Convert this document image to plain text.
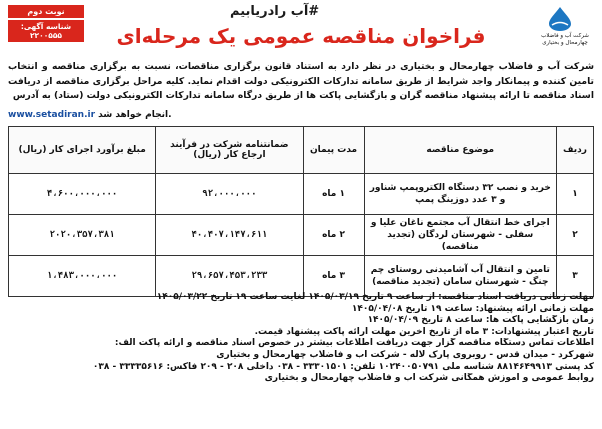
نوبت دوم
شناسه آگهی: ۲۲۰۰۵۵۵
#آب رادریابیم
شرکت آب و فاضلاب چهارمحال و بختیاری
فراخوان مناقصه عمومی یک مرحله‌ای
شرکت آب و فاضلاب چهارمحال و بختیاری در نظر دارد به استناد قانون برگزاری مناقصات، نسبت به برگزاری مناقصه و انتخاب تامین کننده و پیمانکار واجد شرایط از طریق سامانه تدارکات الکترونیکی دولت اقدام نماید. کلیه مراحل برگزاری مناقصه از دریافت اسناد مناقصه تا ارائه پیشنهاد مناقصه گران و بازگشایی پاکت ها از طریق درگاه سامانه تدارکات الکترونیکی دولت (ستاد) به آدرس
www.setadiran.ir انجام خواهد شد.
ردیف	موضوع مناقصه	مدت پیمان	ضمانتنامه شرکت در فرآیند ارجاع کار (ریال)	مبلغ برآورد اجرای کار (ریال)
۱	خرید و نصب ۳۲ دستگاه الکتروپمپ شناور و ۳ عدد دوزینگ پمپ	۱ ماه	۹۲،۰۰۰،۰۰۰	۴،۶۰۰،۰۰۰،۰۰۰
۲	اجرای خط انتقال آب مجتمع ناغان علیا و سفلی - شهرستان لردگان (تجدید مناقصه)	۲ ماه	۴۰،۴۰۷،۱۴۷،۶۱۱	۲۰۲۰،۳۵۷،۳۸۱
۳	تامین و انتقال آب آشامیدنی روستای چم چنگ - شهرستان سامان (تجدید مناقصه)	۳ ماه	۲۹،۶۵۷،۴۵۳،۲۳۳	۱،۴۸۳،۰۰۰،۰۰۰
مهلت زمانی دریافت اسناد مناقصه: از ساعت ۹ تاریخ ۱۴۰۵/۰۳/۱۹ لغایت ساعت ۱۹ تاریخ ۱۴۰۵/۰۳/۲۲
مهلت زمانی ارائه پیشنهاد: ساعت ۱۹ تاریخ ۱۴۰۵/۰۴/۰۸
زمان بازگشایی پاکت ها: ساعت ۸ تاریخ ۱۴۰۵/۰۴/۰۹
تاریخ اعتبار پیشنهادات: ۳ ماه از تاریخ آخرین مهلت ارائه پاکت پیشنهاد قیمت.
اطلاعات تماس دستگاه مناقصه گزار جهت دریافت اطلاعات بیشتر در خصوص اسناد مناقصه و ارائه پاکت الف:
شهرکرد - میدان قدس - روبروی پارک لاله - شرکت آب و فاضلاب چهارمحال و بختیاری
کد پستی ۸۸۱۴۶۴۹۹۱۳ شناسه ملی ۱۰۲۴۰۰۵۰۷۹۱ تلفن: ۳۳۳۰۱۵۰۱ - ۰۳۸ داخلی ۲۰۸ - ۲۰۹ فاکس: ۳۳۳۳۵۶۱۶ - ۰۳۸
روابط عمومی و آموزش همگانی شرکت آب و فاضلاب چهارمحال و بختیاری
